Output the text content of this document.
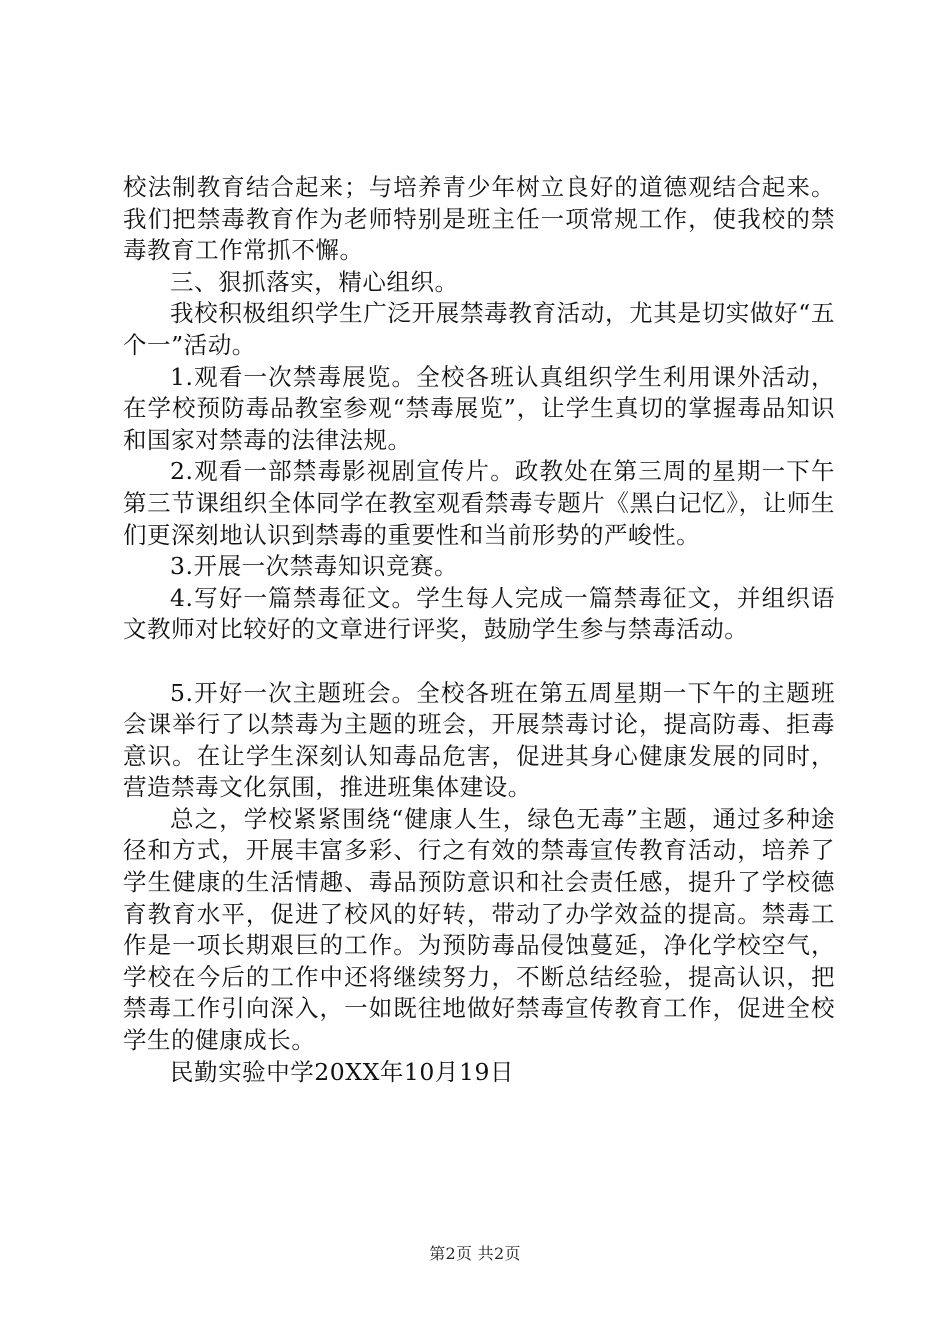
校法制教育结合起来；与培养青少年树立良好的道德观结合起来。我们把禁毒教育作为老师特别是班主任一项常规工作，使我校的禁毒教育工作常抓不懈。

三、狠抓落实，精心组织。

我校积极组织学生广泛开展禁毒教育活动，尤其是切实做好“五个一”活动。

1.观看一次禁毒展览。全校各班认真组织学生利用课外活动，在学校预防毒品教室参观“禁毒展览”，让学生真切的掌握毒品知识和国家对禁毒的法律法规。

2.观看一部禁毒影视剧宣传片。政教处在第三周的星期一下午第三节课组织全体同学在教室观看禁毒专题片《黑白记忆》，让师生们更深刻地认识到禁毒的重要性和当前形势的严峻性。

3.开展一次禁毒知识竞赛。

4.写好一篇禁毒征文。学生每人完成一篇禁毒征文，并组织语文教师对比较好的文章进行评奖，鼓励学生参与禁毒活动。

5.开好一次主题班会。全校各班在第五周星期一下午的主题班会课举行了以禁毒为主题的班会，开展禁毒讨论，提高防毒、拒毒意识。在让学生深刻认知毒品危害，促进其身心健康发展的同时，营造禁毒文化氛围，推进班集体建设。

总之，学校紧紧围绕“健康人生，绿色无毒”主题，通过多种途径和方式，开展丰富多彩、行之有效的禁毒宣传教育活动，培养了学生健康的生活情趣、毒品预防意识和社会责任感，提升了学校德育教育水平，促进了校风的好转，带动了办学效益的提高。禁毒工作是一项长期艰巨的工作。为预防毒品侵蚀蔓延，净化学校空气，学校在今后的工作中还将继续努力，不断总结经验，提高认识，把禁毒工作引向深入，一如既往地做好禁毒宣传教育工作，促进全校学生的健康成长。

民勤实验中学20XX年10月19日

第2页 共2页
